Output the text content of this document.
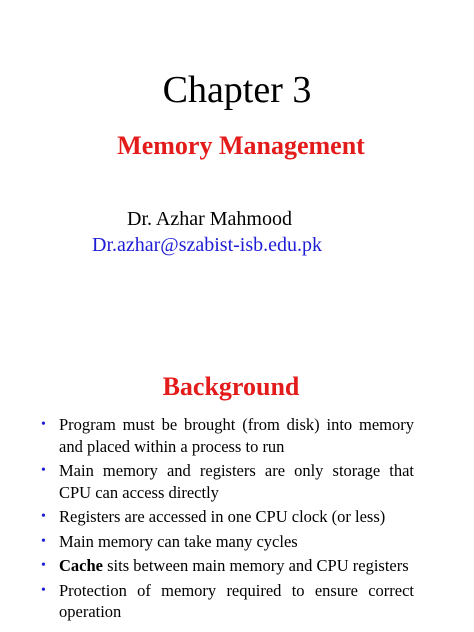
Chapter 3
Memory Management
Dr. Azhar Mahmood
Dr.azhar@szabist-isb.edu.pk
Background
• Program must be brought (from disk) into memory and placed within a process to run
• Main memory and registers are only storage that CPU can access directly
• Registers are accessed in one CPU clock (or less)
• Main memory can take many cycles
• Cache sits between main memory and CPU registers
• Protection of memory required to ensure correct operation
